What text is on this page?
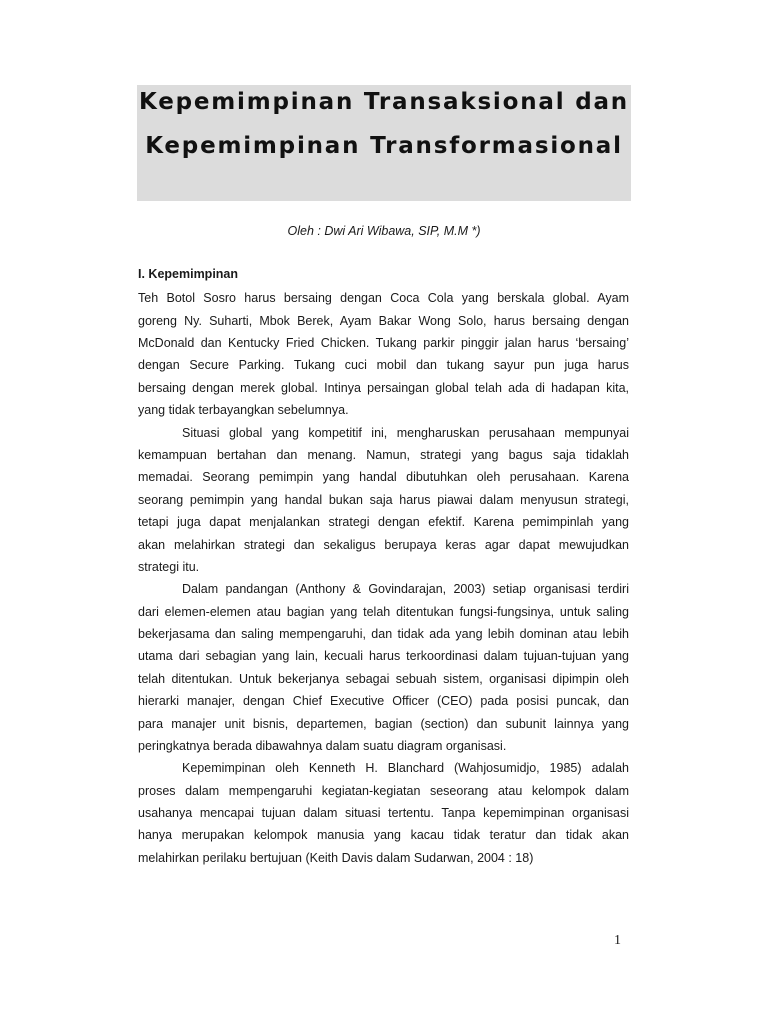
Kepemimpinan Transaksional dan
Kepemimpinan Transformasional
Oleh : Dwi Ari Wibawa, SIP, M.M *)
I. Kepemimpinan
Teh Botol Sosro harus bersaing dengan Coca Cola yang berskala global. Ayam
goreng Ny. Suharti, Mbok Berek, Ayam Bakar Wong Solo, harus bersaing dengan
McDonald dan Kentucky Fried Chicken. Tukang parkir pinggir jalan harus ‘bersaing’
dengan Secure Parking. Tukang cuci mobil dan tukang sayur pun juga harus
bersaing dengan merek global. Intinya persaingan global telah ada di hadapan kita,
yang tidak terbayangkan sebelumnya.
Situasi global yang kompetitif ini, mengharuskan perusahaan mempunyai
kemampuan bertahan dan menang. Namun, strategi yang bagus saja tidaklah
memadai. Seorang pemimpin yang handal dibutuhkan oleh perusahaan. Karena
seorang pemimpin yang handal bukan saja harus piawai dalam menyusun strategi,
tetapi juga dapat menjalankan strategi dengan efektif. Karena pemimpinlah yang
akan melahirkan strategi dan sekaligus berupaya keras agar dapat mewujudkan
strategi itu.
Dalam pandangan (Anthony & Govindarajan, 2003) setiap organisasi terdiri
dari elemen-elemen atau bagian yang telah ditentukan fungsi-fungsinya, untuk saling
bekerjasama dan saling mempengaruhi, dan tidak ada yang lebih dominan atau lebih
utama dari sebagian yang lain, kecuali harus terkoordinasi dalam tujuan-tujuan yang
telah ditentukan. Untuk bekerjanya sebagai sebuah sistem, organisasi dipimpin oleh
hierarki manajer, dengan Chief Executive Officer (CEO) pada posisi puncak, dan
para manajer unit bisnis, departemen, bagian (section) dan subunit lainnya yang
peringkatnya berada dibawahnya dalam suatu diagram organisasi.
Kepemimpinan oleh Kenneth H. Blanchard (Wahjosumidjo, 1985) adalah
proses dalam mempengaruhi kegiatan-kegiatan seseorang atau kelompok dalam
usahanya mencapai tujuan dalam situasi tertentu. Tanpa kepemimpinan organisasi
hanya merupakan kelompok manusia yang kacau tidak teratur dan tidak akan
melahirkan perilaku bertujuan (Keith Davis dalam Sudarwan, 2004 : 18)
1
